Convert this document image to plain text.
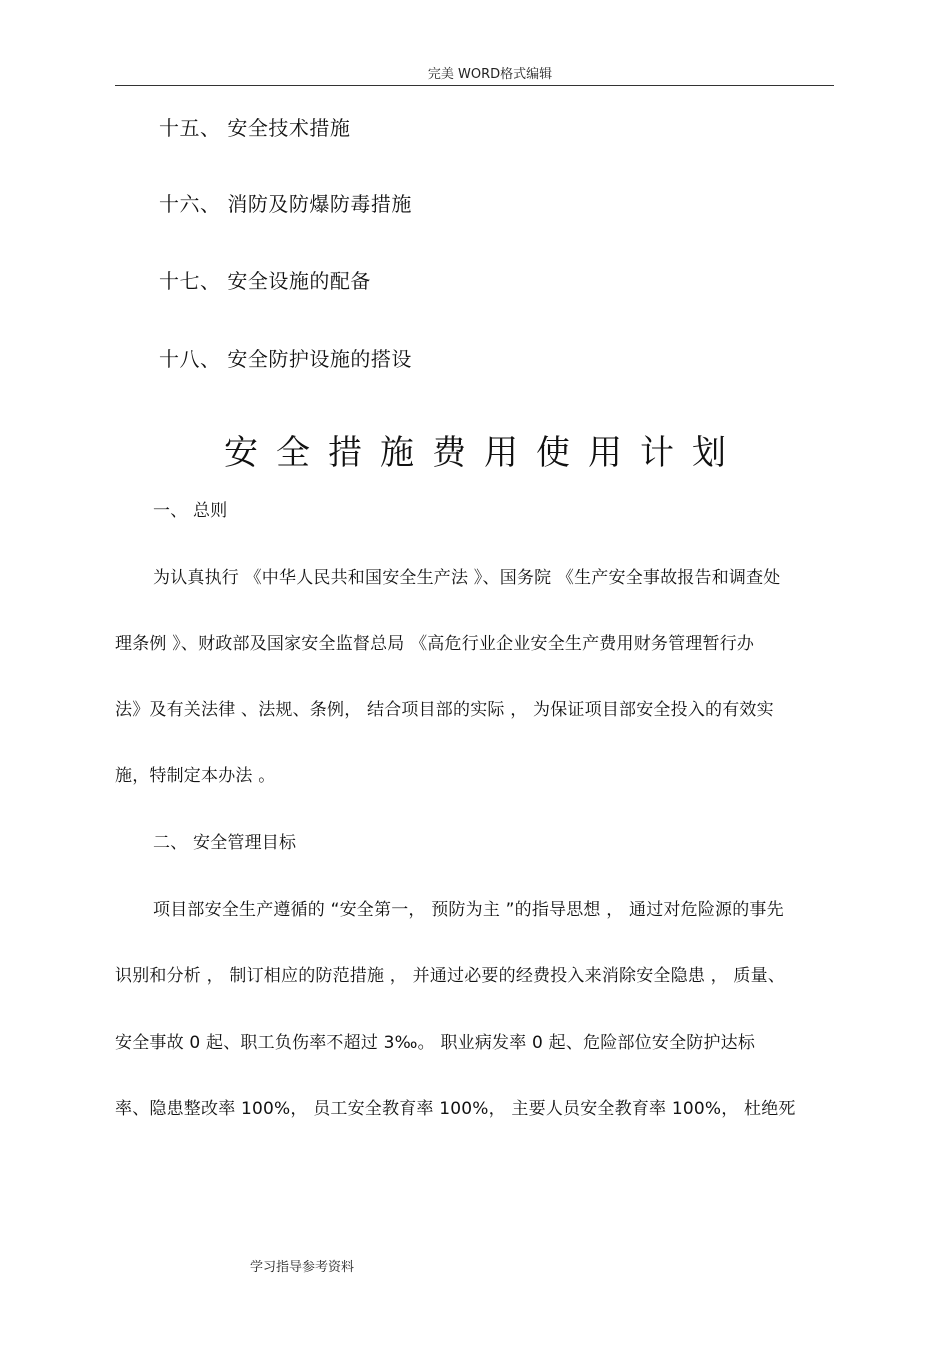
完美 WORD格式编辑
十五、 安全技术措施
十六、 消防及防爆防毒措施
十七、 安全设施的配备
十八、 安全防护设施的搭设
安全措施费用使用计划
一、 总则
为认真执行 《中华人民共和国安全生产法 》、国务院 《生产安全事故报告和调查处
理条例 》、财政部及国家安全监督总局 《高危行业企业安全生产费用财务管理暂行办
法》及有关法律 、法规、条例， 结合项目部的实际 ， 为保证项目部安全投入的有效实
施，特制定本办法 。
二、 安全管理目标
项目部安全生产遵循的 “安全第一， 预防为主 ”的指导思想 ， 通过对危险源的事先
识别和分析 ， 制订相应的防范措施 ， 并通过必要的经费投入来消除安全隐患 ， 质量、
安全事故 0 起、职工负伤率不超过 3‰。 职业病发率 0 起、危险部位安全防护达标
率、隐患整改率 100%， 员工安全教育率 100%， 主要人员安全教育率 100%， 杜绝死
学习指导参考资料
